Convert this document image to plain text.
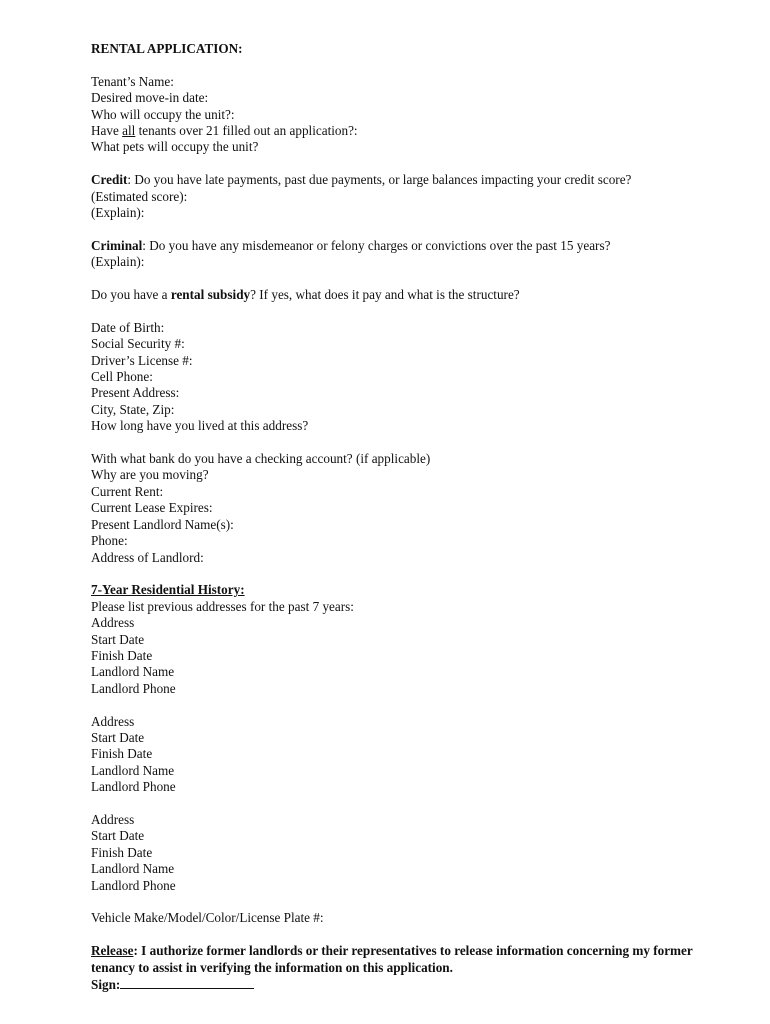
RENTAL APPLICATION:
Tenant’s Name:
Desired move-in date:
Who will occupy the unit?:
Have all tenants over 21 filled out an application?:
What pets will occupy the unit?
Credit: Do you have late payments, past due payments, or large balances impacting your credit score?
(Estimated score):
(Explain):
Criminal: Do you have any misdemeanor or felony charges or convictions over the past 15 years?
(Explain):
Do you have a rental subsidy? If yes, what does it pay and what is the structure?
Date of Birth:
Social Security #:
Driver’s License #:
Cell Phone:
Present Address:
City, State, Zip:
How long have you lived at this address?
With what bank do you have a checking account? (if applicable)
Why are you moving?
Current Rent:
Current Lease Expires:
Present Landlord Name(s):
Phone:
Address of Landlord:
7-Year Residential History:
Please list previous addresses for the past 7 years:
Address
Start Date
Finish Date
Landlord Name
Landlord Phone
Address
Start Date
Finish Date
Landlord Name
Landlord Phone
Address
Start Date
Finish Date
Landlord Name
Landlord Phone
Vehicle Make/Model/Color/License Plate #:
Release: I authorize former landlords or their representatives to release information concerning my former tenancy to assist in verifying the information on this application.
Sign:
